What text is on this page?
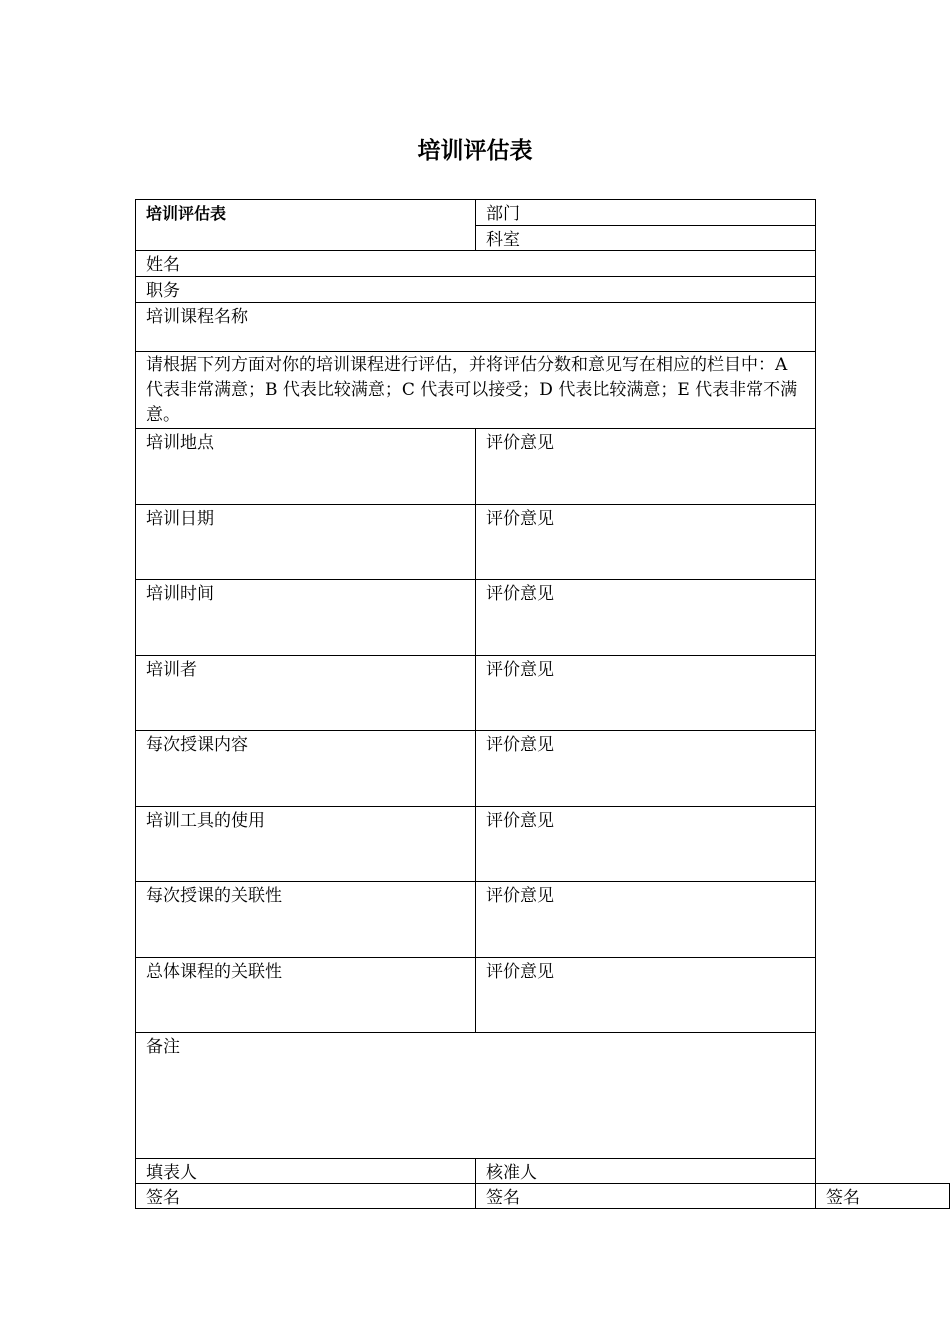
培训评估表
培训评估表	部门
科室
姓名
职务
培训课程名称
请根据下列方面对你的培训课程进行评估，并将评估分数和意见写在相应的栏目中：A 代表非常满意；B 代表比较满意；C 代表可以接受；D 代表比较满意；E 代表非常不满意。
培训地点	评价意见
培训日期	评价意见
培训时间	评价意见
培训者	评价意见
每次授课内容	评价意见
培训工具的使用	评价意见
每次授课的关联性	评价意见
总体课程的关联性	评价意见
备注
填表人	核准人
签名	签名	签名
